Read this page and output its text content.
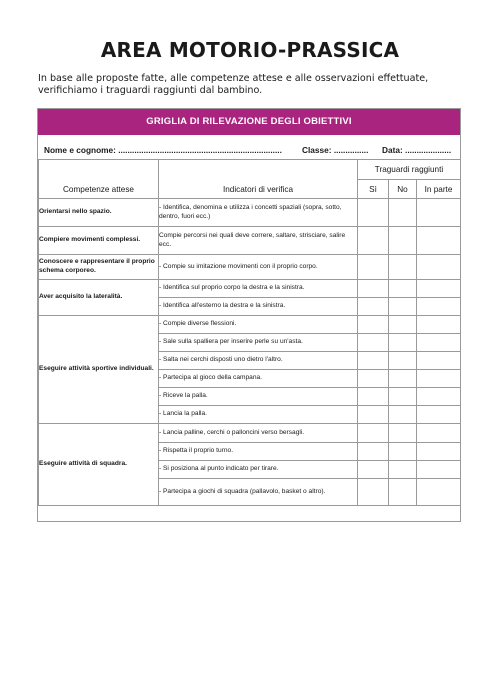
AREA MOTORIO-PRASSICA
In base alle proposte fatte, alle competenze attese e alle osservazioni effettuate,
verifichiamo i traguardi raggiunti dal bambino.
GRIGLIA DI RILEVAZIONE DEGLI OBIETTIVI
Nome e cognome: ....................................................................... Classe: ............... Data: ....................
		Traguardi raggiunti		
Competenze attese	Indicatori di verifica	Sì	No	In parte
Orientarsi nello spazio.	- Identifica, denomina e utilizza i concetti spaziali (sopra, sotto, dentro, fuori ecc.)			
Compiere movimenti complessi.	Compie percorsi nei quali deve correre, saltare, strisciare, salire ecc.			
Conoscere e rappresentare il proprio schema corporeo.	- Compie su imitazione movimenti con il proprio corpo.			
Aver acquisito la lateralità.	- Identifica sul proprio corpo la destra e la sinistra.			
	- Identifica all'esterno la destra e la sinistra.			
Eseguire attività sportive individuali.	- Compie diverse flessioni.			
	- Sale sulla spalliera per inserire perle su un'asta.			
	- Salta nei cerchi disposti uno dietro l'altro.			
	- Partecipa al gioco della campana.			
	- Riceve la palla.			
	- Lancia la palla.			
Eseguire attività di squadra.	- Lancia palline, cerchi o palloncini verso bersagli.			
	- Rispetta il proprio turno.			
	- Si posiziona al punto indicato per tirare.			
	- Partecipa a giochi di squadra (pallavolo, basket o altro).			
